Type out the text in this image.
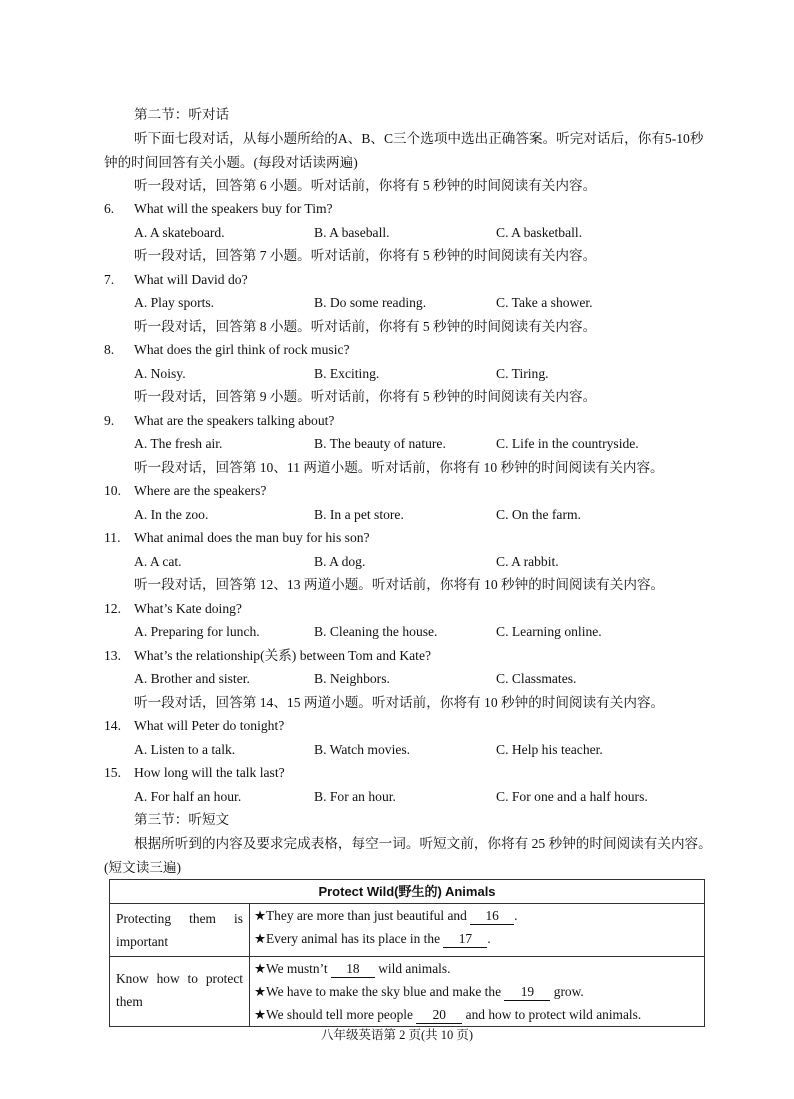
第二节：听对话
听下面七段对话，从每小题所给的A、B、C三个选项中选出正确答案。听完对话后，你有5-10秒钟的时间回答有关小题。(每段对话读两遍)
听一段对话，回答第 6 小题。听对话前，你将有 5 秒钟的时间阅读有关内容。
6. What will the speakers buy for Tim?
A. A skateboard.	B. A baseball.	C. A basketball.
听一段对话，回答第 7 小题。听对话前，你将有 5 秒钟的时间阅读有关内容。
7. What will David do?
A. Play sports.	B. Do some reading.	C. Take a shower.
听一段对话，回答第 8 小题。听对话前，你将有 5 秒钟的时间阅读有关内容。
8. What does the girl think of rock music?
A. Noisy.	B. Exciting.	C. Tiring.
听一段对话，回答第 9 小题。听对话前，你将有 5 秒钟的时间阅读有关内容。
9. What are the speakers talking about?
A. The fresh air.	B. The beauty of nature.	C. Life in the countryside.
听一段对话，回答第 10、11 两道小题。听对话前，你将有 10 秒钟的时间阅读有关内容。
10. Where are the speakers?
A. In the zoo.	B. In a pet store.	C. On the farm.
11. What animal does the man buy for his son?
A. A cat.	B. A dog.	C. A rabbit.
听一段对话，回答第 12、13 两道小题。听对话前，你将有 10 秒钟的时间阅读有关内容。
12. What’s Kate doing?
A. Preparing for lunch.	B. Cleaning the house.	C. Learning online.
13. What’s the relationship(关系) between Tom and Kate?
A. Brother and sister.	B. Neighbors.	C. Classmates.
听一段对话，回答第 14、15 两道小题。听对话前，你将有 10 秒钟的时间阅读有关内容。
14. What will Peter do tonight?
A. Listen to a talk.	B. Watch movies.	C. Help his teacher.
15. How long will the talk last?
A. For half an hour.	B. For an hour.	C. For one and a half hours.
第三节：听短文
根据所听到的内容及要求完成表格，每空一词。听短文前，你将有 25 秒钟的时间阅读有关内容。(短文读三遍)
Protect Wild(野生的) Animals	
Protecting them is important	★They are more than just beautiful and 16 .
★Every animal has its place in the 17 .

Know how to protect them	★We mustn’t 18 wild animals.
★We have to make the sky blue and make the 19 grow.
★We should tell more people 20 and how to protect wild animals.
八年级英语第 2 页(共 10 页)
